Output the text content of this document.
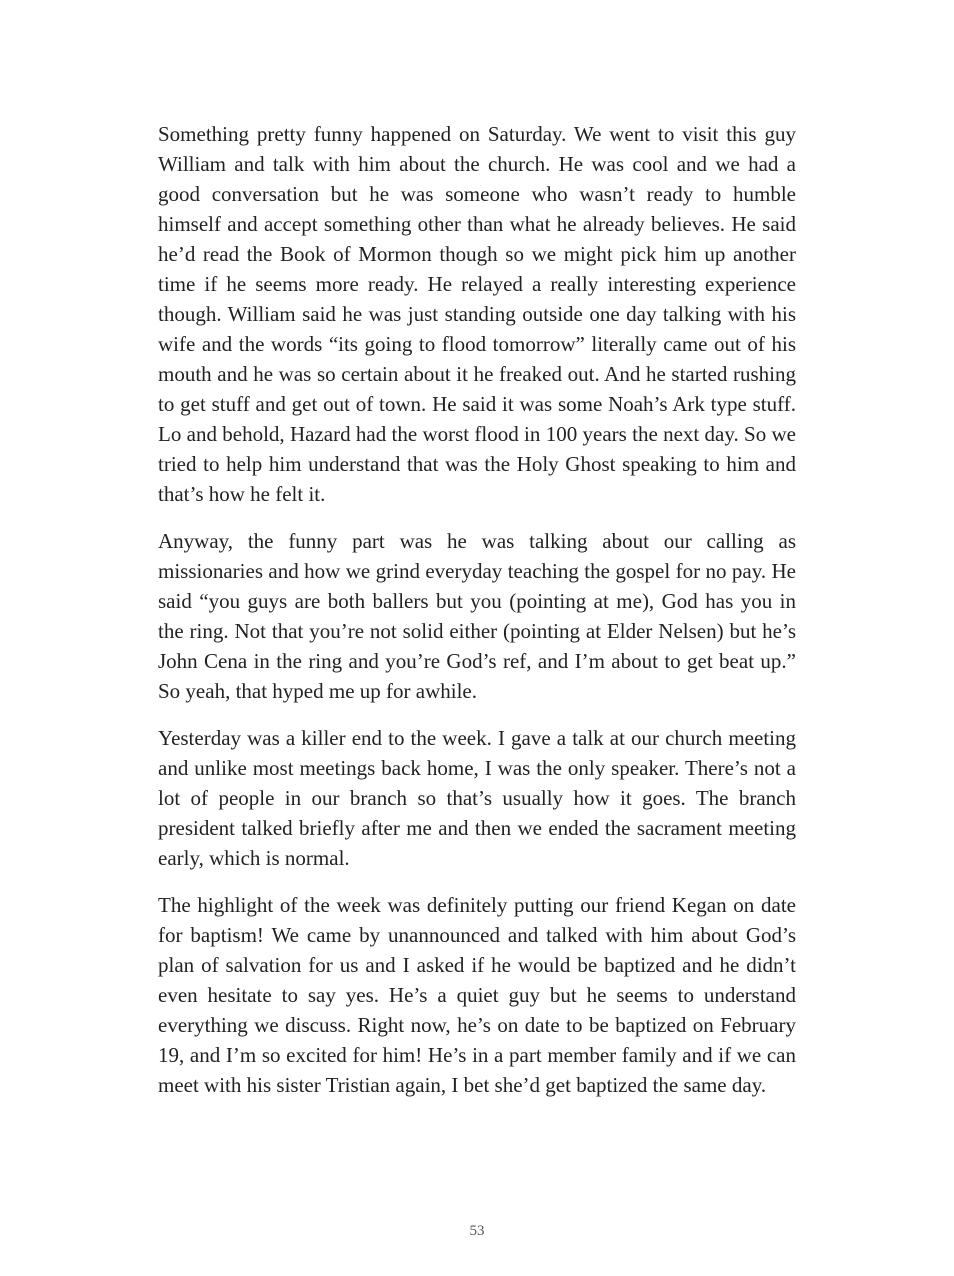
Something pretty funny happened on Saturday. We went to visit this guy William and talk with him about the church. He was cool and we had a good conversation but he was someone who wasn’t ready to humble himself and accept something other than what he already believes. He said he’d read the Book of Mormon though so we might pick him up another time if he seems more ready. He relayed a really interesting experience though. William said he was just standing outside one day talking with his wife and the words “its going to flood tomorrow” literally came out of his mouth and he was so certain about it he freaked out. And he started rushing to get stuff and get out of town. He said it was some Noah’s Ark type stuff. Lo and behold, Hazard had the worst flood in 100 years the next day. So we tried to help him understand that was the Holy Ghost speaking to him and that’s how he felt it.

Anyway, the funny part was he was talking about our calling as missionaries and how we grind everyday teaching the gospel for no pay. He said “you guys are both ballers but you (pointing at me), God has you in the ring. Not that you’re not solid either (pointing at Elder Nelsen) but he’s John Cena in the ring and you’re God’s ref, and I’m about to get beat up.” So yeah, that hyped me up for awhile.

Yesterday was a killer end to the week. I gave a talk at our church meeting and unlike most meetings back home, I was the only speaker. There’s not a lot of people in our branch so that’s usually how it goes. The branch president talked briefly after me and then we ended the sacrament meeting early, which is normal.

The highlight of the week was definitely putting our friend Kegan on date for baptism! We came by unannounced and talked with him about God’s plan of salvation for us and I asked if he would be baptized and he didn’t even hesitate to say yes. He’s a quiet guy but he seems to understand everything we discuss. Right now, he’s on date to be baptized on February 19, and I’m so excited for him! He’s in a part member family and if we can meet with his sister Tristian again, I bet she’d get baptized the same day.

53
